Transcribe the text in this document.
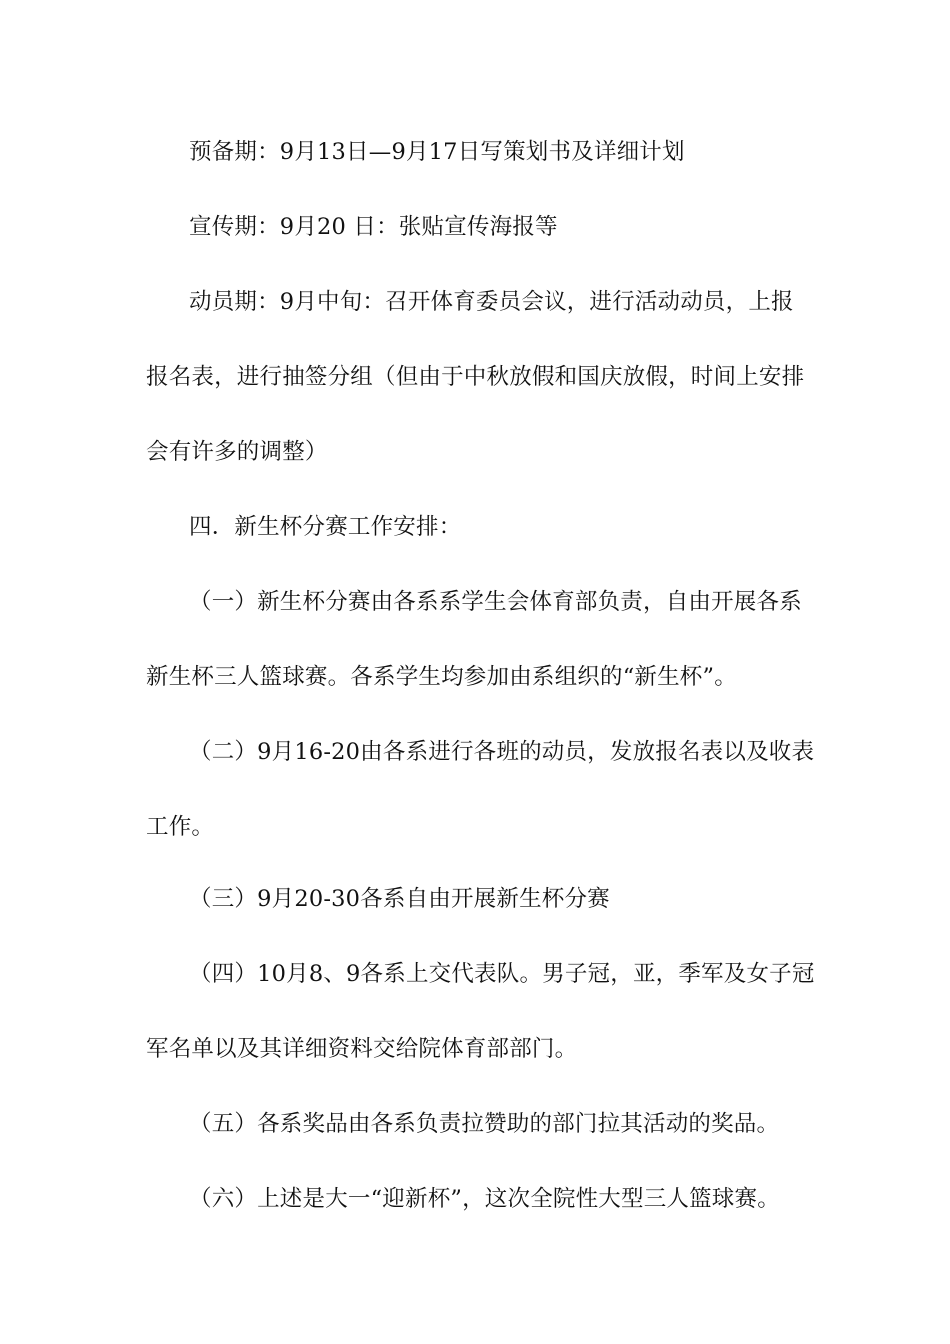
预备期：9月13日—9月17日写策划书及详细计划
宣传期：9月20 日：张贴宣传海报等
动员期：9月中旬：召开体育委员会议，进行活动动员，上报
报名表，进行抽签分组（但由于中秋放假和国庆放假，时间上安排
会有许多的调整）
四．新生杯分赛工作安排：
（一）新生杯分赛由各系系学生会体育部负责，自由开展各系
新生杯三人篮球赛。各系学生均参加由系组织的“新生杯”。
（二）9月16-20由各系进行各班的动员，发放报名表以及收表
工作。
（三）9月20-30各系自由开展新生杯分赛
（四）10月8、9各系上交代表队。男子冠，亚，季军及女子冠
军名单以及其详细资料交给院体育部部门。
（五）各系奖品由各系负责拉赞助的部门拉其活动的奖品。
（六）上述是大一“迎新杯”，这次全院性大型三人篮球赛。
